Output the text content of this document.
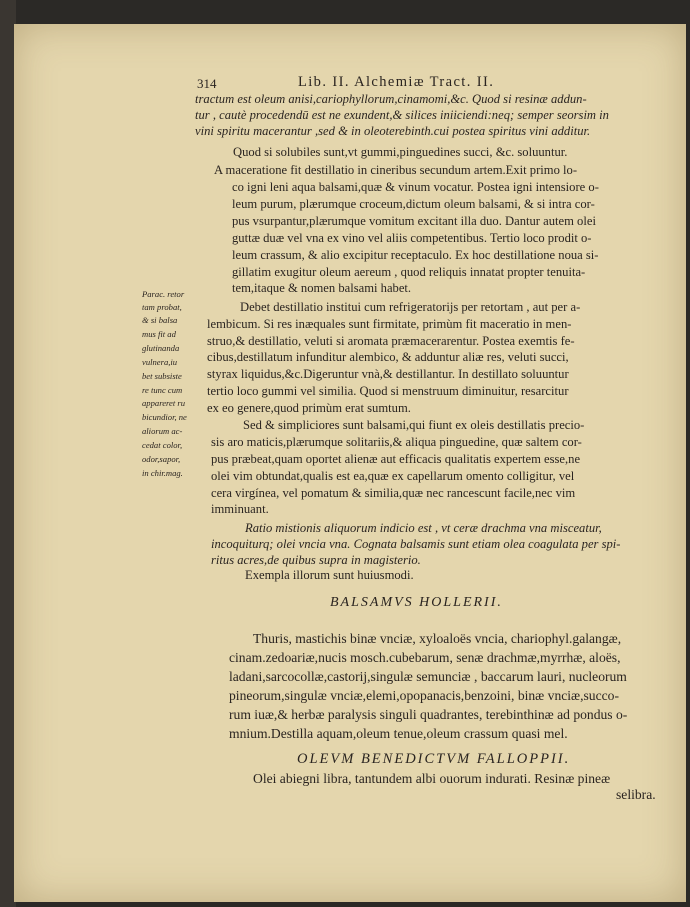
314	Lib. II. Alchemiæ Tract. II.
tractum est oleum anisi,cariophyllorum,cinamomi,&c. Quod si resinæ addun-
tur , cautè procedendū est ne exundent,& silices iniiciendi:neq; semper seorsim in
vini spiritu macerantur ,sed & in oleoterebinth.cui postea spiritus vini additur.
Quod si solubiles sunt,vt gummi,pinguedines succi, &c. soluuntur.
A maceratione fit destillatio in cineribus secundum artem.Exit primo lo-
co igni leni aqua balsami,quæ & vinum vocatur. Postea igni intensiore o-
leum purum, plærumque croceum,dictum oleum balsami, & si intra cor-
pus vsurpantur,plærumque vomitum excitant illa duo. Dantur autem olei
guttæ duæ vel vna ex vino vel aliis competentibus. Tertio loco prodit o-
leum crassum, & alio excipitur receptaculo. Ex hoc destillatione noua si-
gillatim exugitur oleum aereum , quod reliquis innatat propter tenuita-
tem,itaque & nomen balsami habet.
Debet destillatio institui cum refrigeratorijs per retortam , aut per a-
lembicum. Si res inæquales sunt firmitate, primùm fit maceratio in men-
struo,& destillatio, veluti si aromata præmacerarentur. Postea exemtis fe-
cibus,destillatum infunditur alembico, & adduntur aliæ res, veluti succi,
styrax liquidus,&c.Digeruntur vnà,& destillantur. In destillato soluuntur
tertio loco gummi vel similia. Quod si menstruum diminuitur, resarcitur
ex eo genere,quod primùm erat sumtum.
Sed & simpliciores sunt balsami,qui fiunt ex oleis destillatis precio-
sis aro maticis,plærumque solitariis,& aliqua pinguedine, quæ saltem cor-
pus præbeat,quam oportet alienæ aut efficacis qualitatis expertem esse,ne
olei vim obtundat,qualis est ea,quæ ex capellarum omento colligitur, vel
cera virgínea, vel pomatum & similia,quæ nec rancescunt facile,nec vim
imminuant.
Ratio mistionis aliquorum indicio est , vt ceræ drachma vna misceatur,
incoquiturq; olei vncia vna. Cognata balsamis sunt etiam olea coagulata per spi-
ritus acres,de quibus supra in magisterio.
Exempla illorum sunt huiusmodi.
Parac. retor
tam probat,
& si balsa
mus fit ad
glutinanda
vulnera,iu
bet subsiste
re tunc cum
appareret ru
bicundior, ne
aliorum ac-
cedat color,
odor,sapor,
in chir.mag.
BALSAMVS HOLLERII.
Thuris, mastichis binæ vnciæ, xyloaloës vncia, chariophyl.galangæ,
cinam.zedoariæ,nucis mosch.cubebarum, senæ drachmæ,myrrhæ, aloës,
ladani,sarcocollæ,castorij,singulæ semunciæ , baccarum lauri, nucleorum
pineorum,singulæ vnciæ,elemi,opopanacis,benzoini, binæ vnciæ,succo-
rum iuæ,& herbæ paralysis singuli quadrantes, terebinthinæ ad pondus o-
mnium.Destilla aquam,oleum tenue,oleum crassum quasi mel.
OLEVM BENEDICTVM FALLOPPII.
Olei abiegni libra, tantundem albi ouorum indurati. Resinæ pineæ
selibra.
